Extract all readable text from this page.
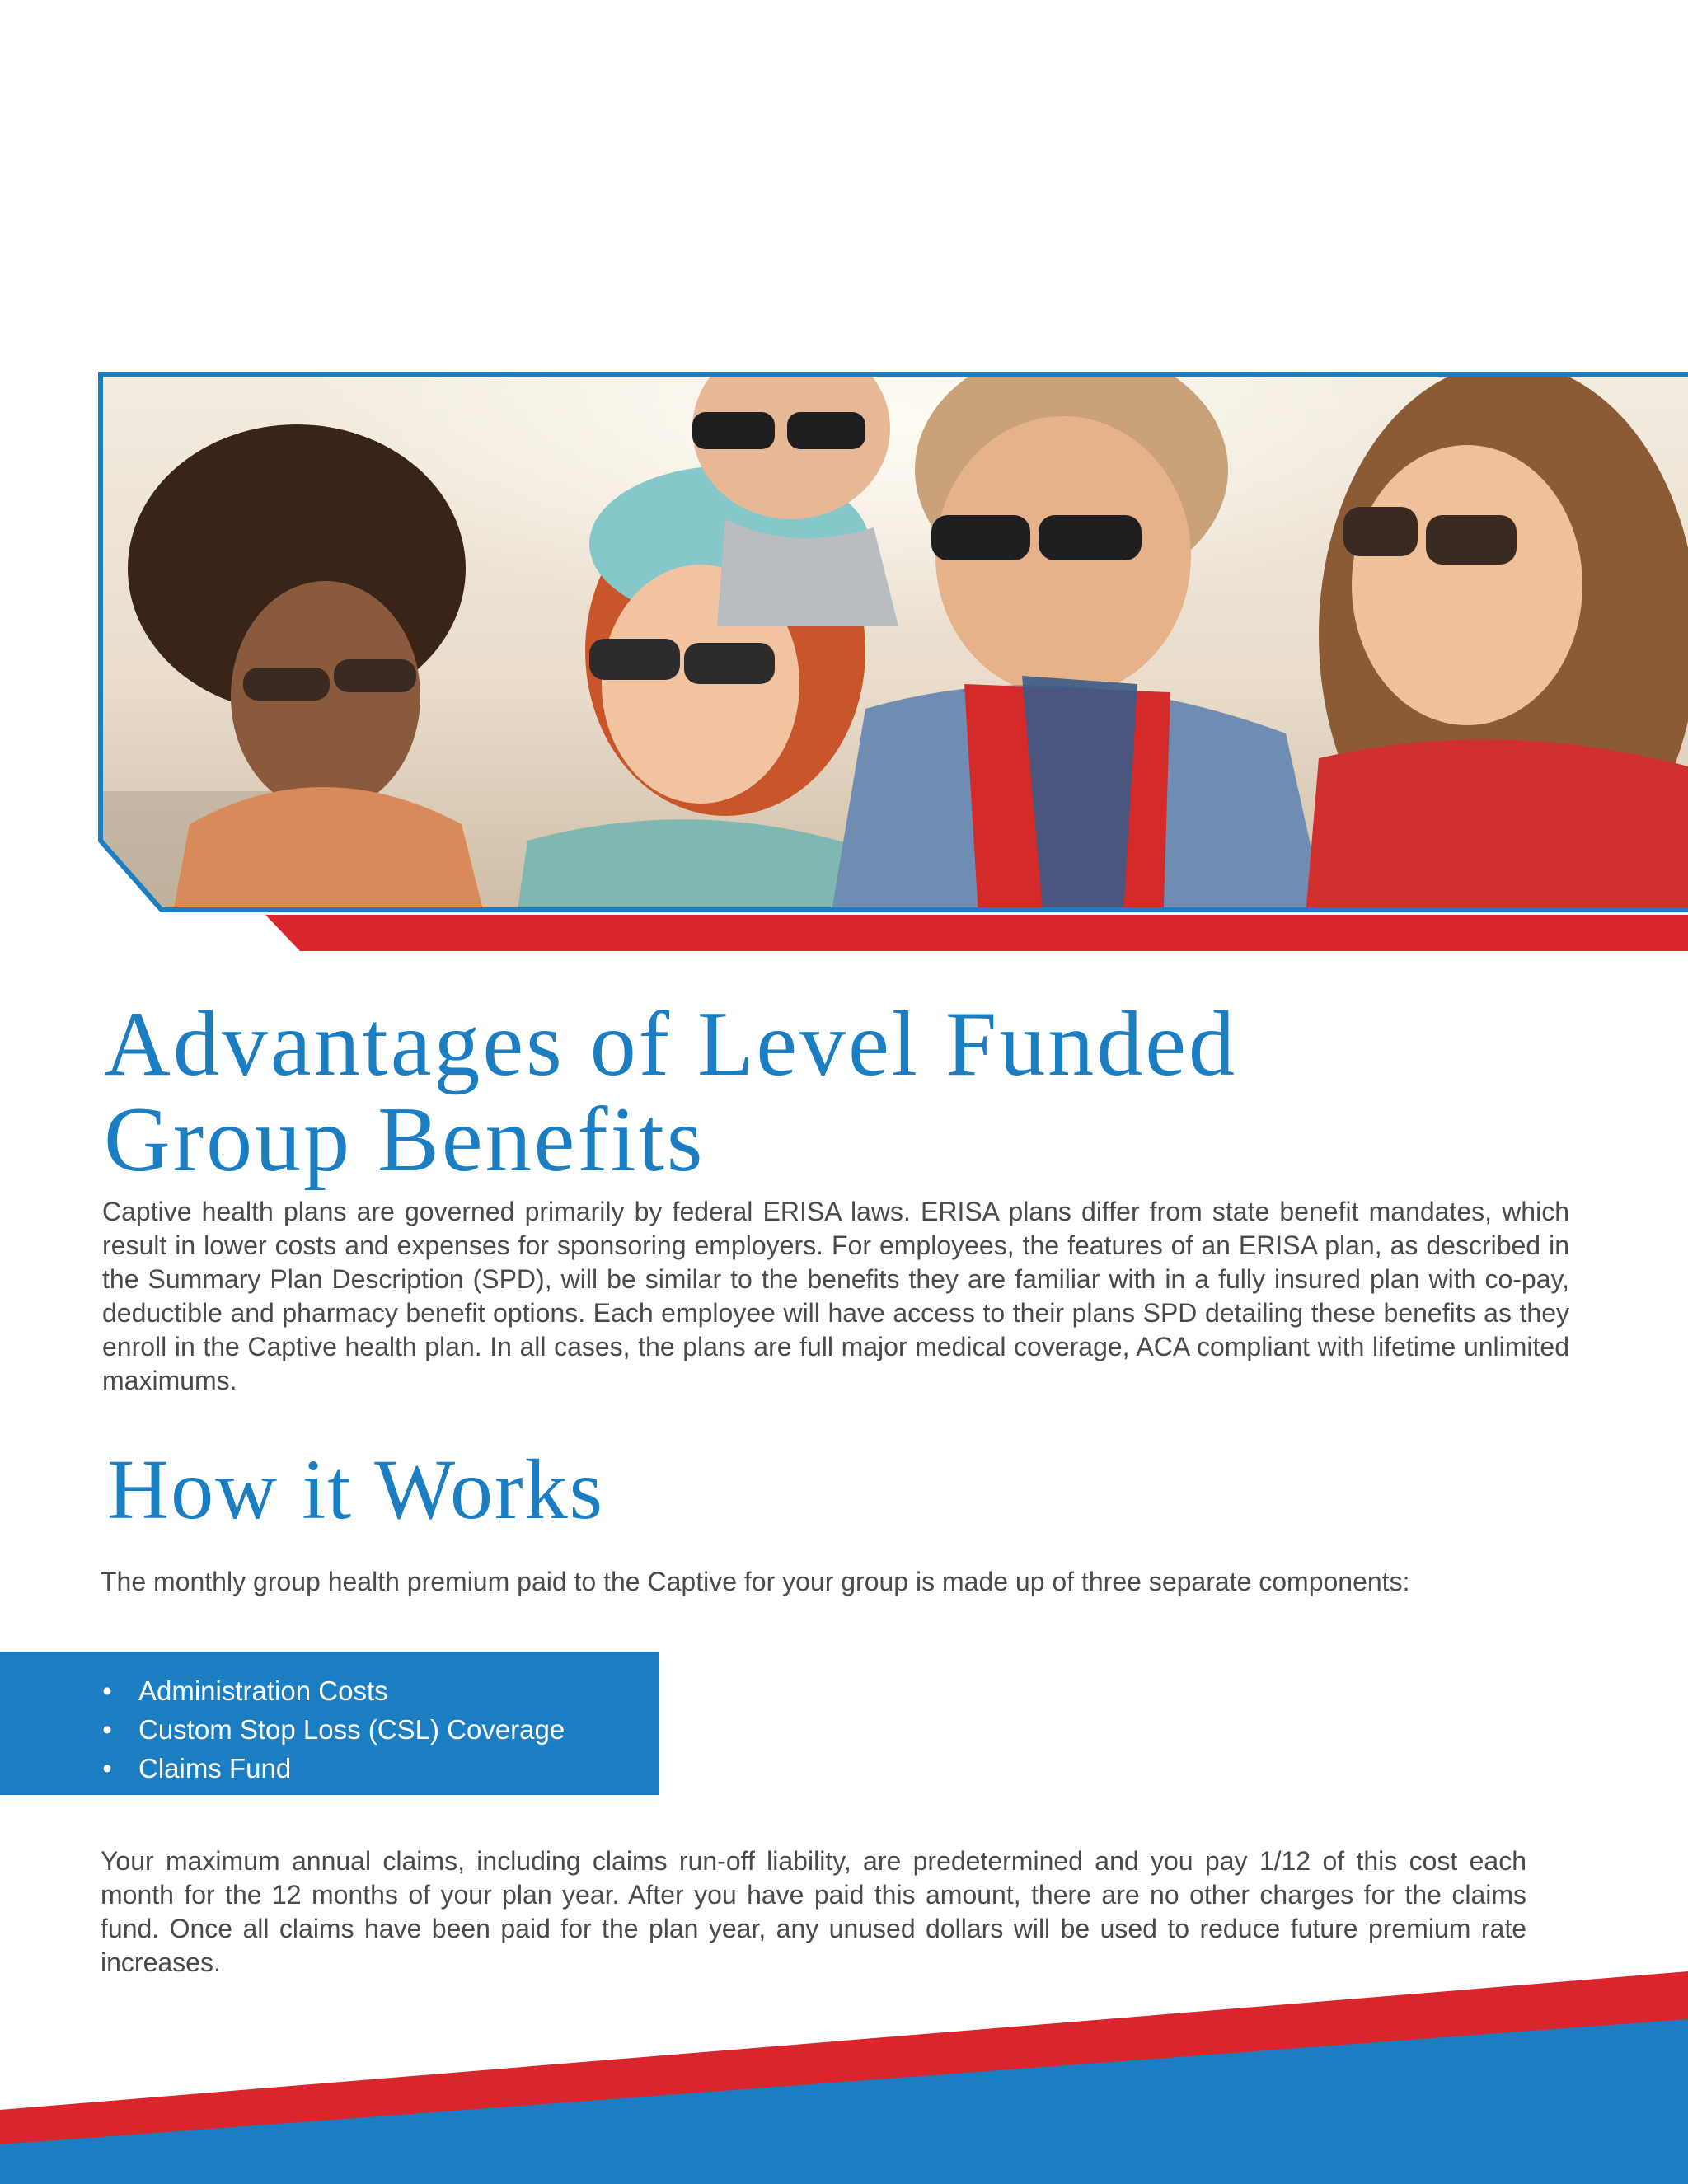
Advantages of Level Funded
Group Benefits

Captive health plans are governed primarily by federal ERISA laws. ERISA plans differ from state benefit mandates, which result in lower costs and expenses for sponsoring employers. For employees, the features of an ERISA plan, as described in the Summary Plan Description (SPD), will be similar to the benefits they are familiar with in a fully insured plan with co-pay, deductible and pharmacy benefit options. Each employee will have access to their plans SPD detailing these benefits as they enroll in the Captive health plan. In all cases, the plans are full major medical coverage, ACA compliant with lifetime unlimited maximums.

How it Works

The monthly group health premium paid to the Captive for your group is made up of three separate components:

• Administration Costs
• Custom Stop Loss (CSL) Coverage
• Claims Fund

Your maximum annual claims, including claims run-off liability, are predetermined and you pay 1/12 of this cost each month for the 12 months of your plan year. After you have paid this amount, there are no other charges for the claims fund. Once all claims have been paid for the plan year, any unused dollars will be used to reduce future premium rate increases.
